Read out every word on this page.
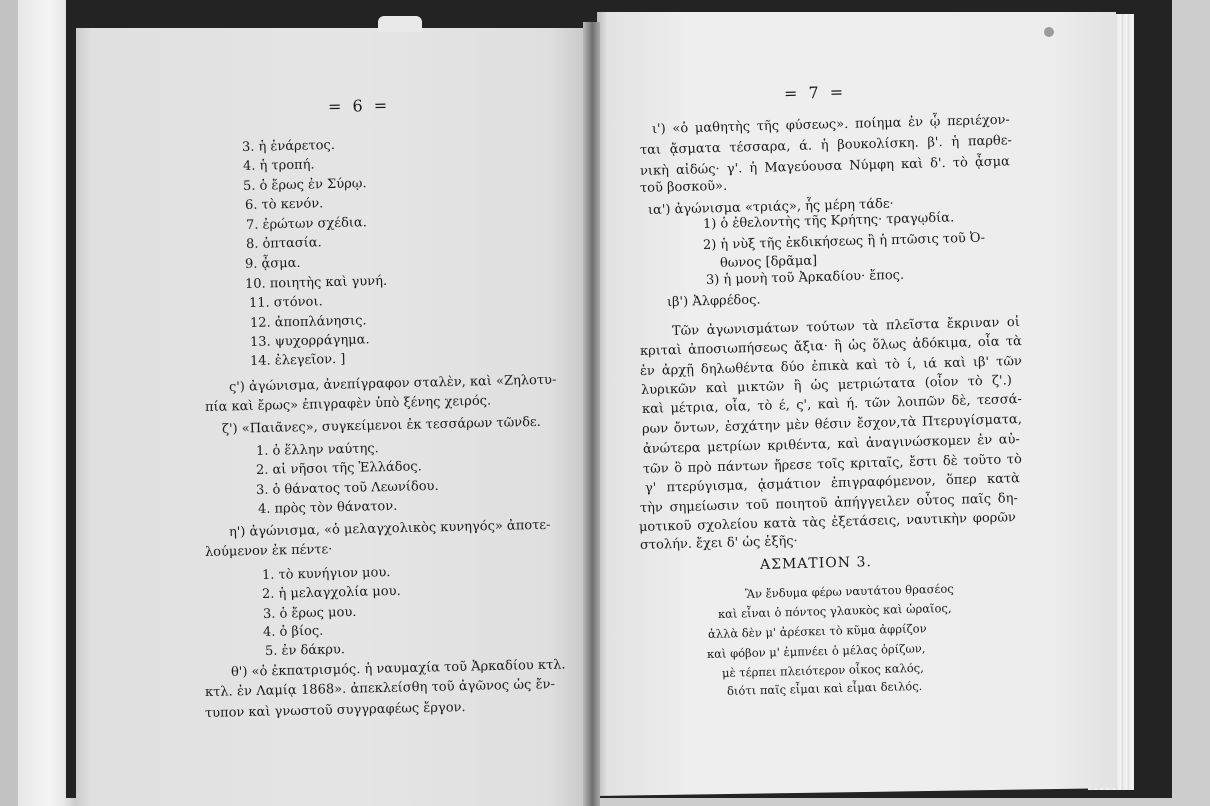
= 6 =
3. ἡ ἐνάρετος.
4. ἡ τροπή.
5. ὁ ἔρως ἐν Σύρῳ.
6. τὸ κενόν.
7. ἐρώτων σχέδια.
8. ὀπτασία.
9. ᾆσμα.
10. ποιητὴς καὶ γυνή.
11. στόνοι.
12. ἀποπλάνησις.
13. ψυχορράγημα.
14. ἐλεγεῖον. ]
ς') ἀγώνισμα, ἀνεπίγραφον σταλὲν, καὶ «Ζηλοτυ-
πία καὶ ἔρως» ἐπιγραφὲν ὑπὸ ξένης χειρός.
ζ') «Παιᾶνες», συγκείμενοι ἐκ τεσσάρων τῶνδε.
1. ὁ ἕλλην ναύτης.
2. αἱ νῆσοι τῆς Ἑλλάδος.
3. ὁ θάνατος τοῦ Λεωνίδου.
4. πρὸς τὸν θάνατον.
η') ἀγώνισμα, «ὁ μελαγχολικὸς κυνηγός» ἀποτε-
λούμενον ἐκ πέντε·
1. τὸ κυνήγιον μου.
2. ἡ μελαγχολία μου.
3. ὁ ἔρως μου.
4. ὁ βίος.
5. ἐν δάκρυ.
θ') «ὁ ἐκπατρισμός. ἡ ναυμαχία τοῦ Ἀρκαδίου κτλ.
κτλ. ἐν Λαμίᾳ 1868». ἀπεκλείσθη τοῦ ἀγῶνος ὡς ἔν-
τυπον καὶ γνωστοῦ συγγραφέως ἔργον.
= 7 =
ι') «ὁ μαθητὴς τῆς φύσεως». ποίημα ἐν ᾧ περιέχον-
ται ᾄσματα τέσσαρα, ά. ἡ βουκολίσκη. β'. ἡ παρθε-
νικὴ αἰδώς· γ'. ἡ Μαγεύουσα Νύμφη καὶ δ'. τὸ ᾆσμα
τοῦ βοσκοῦ».
ια') ἀγώνισμα «τριάς», ἧς μέρη τάδε·
1) ὁ ἐθελοντὴς τῆς Κρήτης· τραγῳδία.
2) ἡ νὺξ τῆς ἐκδικήσεως ἢ ἡ πτῶσις τοῦ Ὀ-
θωνος [δρᾶμα]
3) ἡ μονὴ τοῦ Ἀρκαδίου· ἔπος.
ιβ') Ἀλφρέδος.
Τῶν ἀγωνισμάτων τούτων τὰ πλεῖστα ἔκριναν οἱ
κριταὶ ἀποσιωπήσεως ἄξια· ἢ ὡς ὅλως ἀδόκιμα, οἷα τὰ
ἐν ἀρχῇ δηλωθέντα δύο ἐπικὰ καὶ τὸ ί, ιά καὶ ιβ' τῶν
λυρικῶν καὶ μικτῶν ἢ ὡς μετριώτατα (οἷον τὸ ζ'.)
καὶ μέτρια, οἷα, τὸ έ, ς', καὶ ή. τῶν λοιπῶν δὲ, τεσσά-
ρων ὄντων, ἐσχάτην μὲν θέσιν ἔσχον,τὰ Πτερυγίσματα,
ἀνώτερα μετρίων κριθέντα, καὶ ἀναγινώσκομεν ἐν αὐ-
τῶν ὃ πρὸ πάντων ἤρεσε τοῖς κριταῖς, ἔστι δὲ τοῦτο τὸ
γ' πτερύγισμα, ᾀσμάτιον ἐπιγραφόμενον, ὅπερ κατὰ
τὴν σημείωσιν τοῦ ποιητοῦ ἀπήγγειλεν οὗτος παῖς δη-
μοτικοῦ σχολείου κατὰ τὰς ἐξετάσεις, ναυτικὴν φορῶν
στολήν. ἔχει δ' ὡς ἑξῆς·
ΑΣΜΑΤΙΟΝ 3.
Ἂν ἔνδυμα φέρω ναυτάτου θρασέος
καὶ εἶναι ὁ πόντος γλαυκὸς καὶ ὡραῖος,
ἀλλὰ δὲν μ' ἀρέσκει τὸ κῦμα ἀφρίζον
καὶ φόβον μ' ἐμπνέει ὁ μέλας ὁρίζων,
μὲ τέρπει πλειότερον οἶκος καλός,
διότι παῖς εἶμαι καὶ εἶμαι δειλός.
